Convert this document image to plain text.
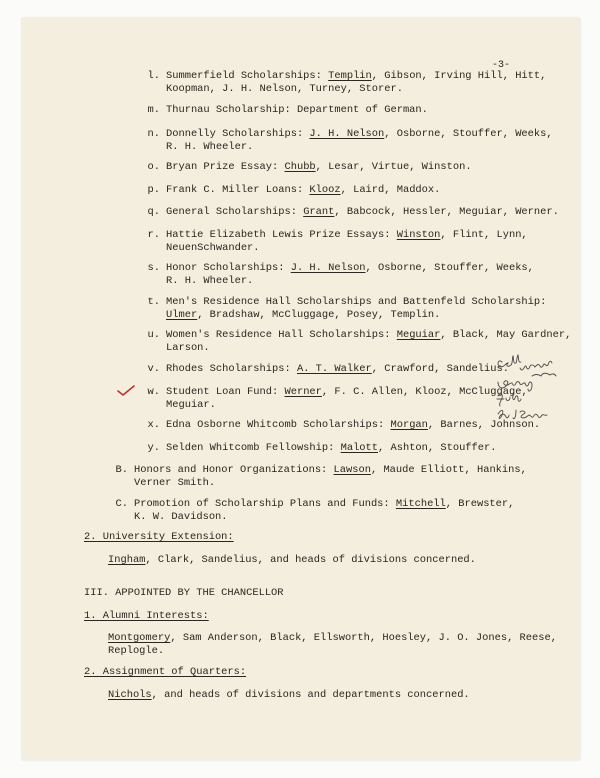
-3-
l. Summerfield Scholarships: Templin, Gibson, Irving Hill, Hitt,
Koopman, J. H. Nelson, Turney, Storer.
m. Thurnau Scholarship: Department of German.
n. Donnelly Scholarships: J. H. Nelson, Osborne, Stouffer, Weeks,
R. H. Wheeler.
o. Bryan Prize Essay: Chubb, Lesar, Virtue, Winston.
p. Frank C. Miller Loans: Klooz, Laird, Maddox.
q. General Scholarships: Grant, Babcock, Hessler, Meguiar, Werner.
r. Hattie Elizabeth Lewis Prize Essays: Winston, Flint, Lynn,
NeuenSchwander.
s. Honor Scholarships: J. H. Nelson, Osborne, Stouffer, Weeks,
R. H. Wheeler.
t. Men's Residence Hall Scholarships and Battenfeld Scholarship:
Ulmer, Bradshaw, McCluggage, Posey, Templin.
u. Women's Residence Hall Scholarships: Meguiar, Black, May Gardner,
Larson.
v. Rhodes Scholarships: A. T. Walker, Crawford, Sandelius.
w. Student Loan Fund: Werner, F. C. Allen, Klooz, McCluggage,
Meguiar.
x. Edna Osborne Whitcomb Scholarships: Morgan, Barnes, Johnson.
y. Selden Whitcomb Fellowship: Malott, Ashton, Stouffer.
B. Honors and Honor Organizations: Lawson, Maude Elliott, Hankins,
Verner Smith.
C. Promotion of Scholarship Plans and Funds: Mitchell, Brewster,
K. W. Davidson.
2. University Extension:
Ingham, Clark, Sandelius, and heads of divisions concerned.
III. APPOINTED BY THE CHANCELLOR
1. Alumni Interests:
Montgomery, Sam Anderson, Black, Ellsworth, Hoesley, J. O. Jones, Reese,
Replogle.
2. Assignment of Quarters:
Nichols, and heads of divisions and departments concerned.
